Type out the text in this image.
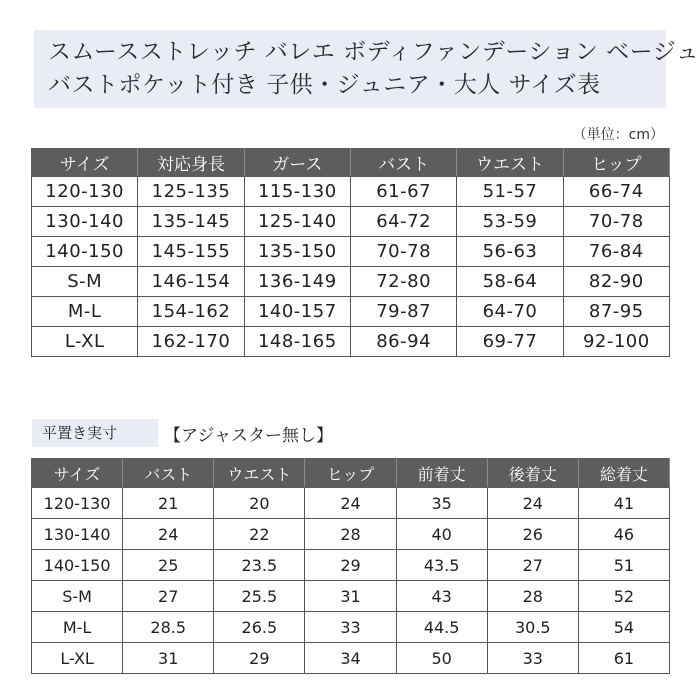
スムースストレッチ バレエ ボディファンデーション ベージュ
バストポケット付き 子供・ジュニア・大人 サイズ表
（単位：cm）
サイズ	対応身長	ガース	バスト	ウエスト	ヒップ
120-130	125-135	115-130	61-67	51-57	66-74
130-140	135-145	125-140	64-72	53-59	70-78
140-150	145-155	135-150	70-78	56-63	76-84
S-M	146-154	136-149	72-80	58-64	82-90
M-L	154-162	140-157	79-87	64-70	87-95
L-XL	162-170	148-165	86-94	69-77	92-100
平置き実寸	【アジャスター無し】
サイズ	バスト	ウエスト	ヒップ	前着丈	後着丈	総着丈
120-130	21	20	24	35	24	41
130-140	24	22	28	40	26	46
140-150	25	23.5	29	43.5	27	51
S-M	27	25.5	31	43	28	52
M-L	28.5	26.5	33	44.5	30.5	54
L-XL	31	29	34	50	33	61
